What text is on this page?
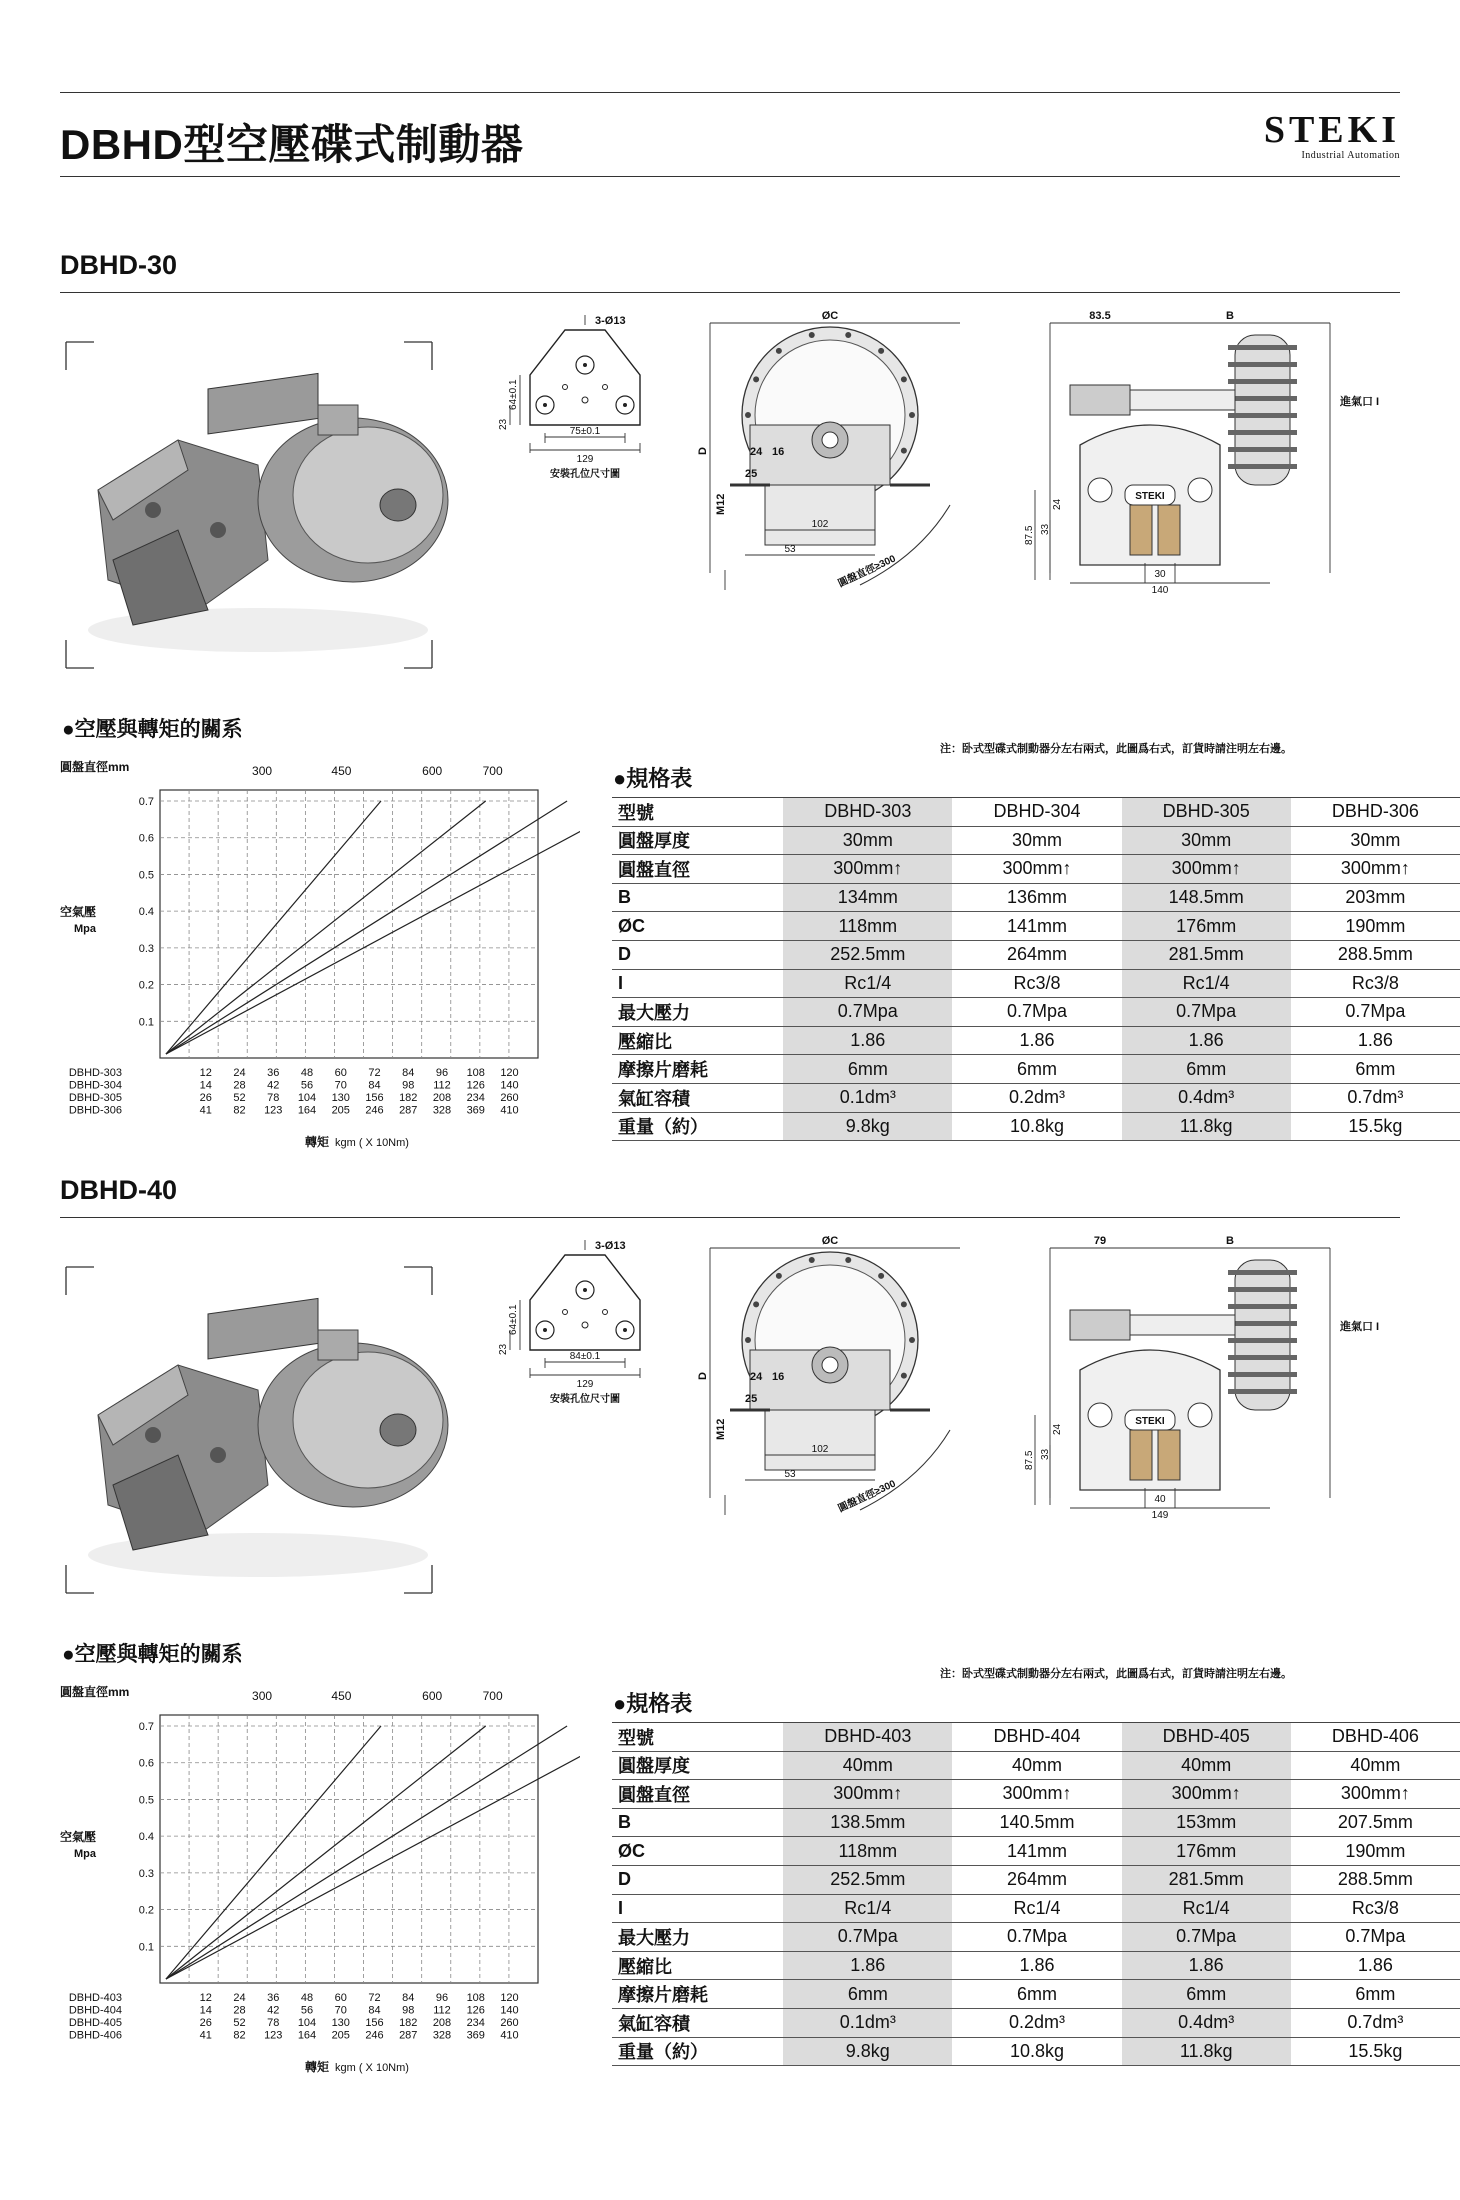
DBHD型空壓碟式制動器	STEKI
Industrial Automation
DBHD-30
3-Ø13
64±0.1
23
75±0.1
129
安裝孔位尺寸圖
ØC
D
M12
24 16
25
102
53
圓盤直徑≥300
83.5	B
進氣口 I
STEKI
24
33
87.5
30
140
注：卧式型碟式制動器分左右兩式，此圖爲右式，訂貨時請注明左右邊。
●空壓與轉矩的關系
圓盤直徑mm	300	450	600	700
0.1
0.2
0.3
0.4
0.5
0.6
0.7
空氣壓
Mpa
DBHD-303	12 24 36 48 60 72 84 96 108 120
DBHD-304	14 28 42 56 70 84 98 112 126 140
DBHD-305	26 52 78 104 130 156 182 208 234 260
DBHD-306	41 82 123 164 205 246 287 328 369 410
轉矩 kgm ( X 10Nm)
●規格表
型號	DBHD-303	DBHD-304	DBHD-305	DBHD-306
圓盤厚度	30mm	30mm	30mm	30mm
圓盤直徑	300mm↑	300mm↑	300mm↑	300mm↑
B	134mm	136mm	148.5mm	203mm
ØC	118mm	141mm	176mm	190mm
D	252.5mm	264mm	281.5mm	288.5mm
I	Rc1/4	Rc3/8	Rc1/4	Rc3/8
最大壓力	0.7Mpa	0.7Mpa	0.7Mpa	0.7Mpa
壓縮比	1.86	1.86	1.86	1.86
摩擦片磨耗	6mm	6mm	6mm	6mm
氣缸容積	0.1dm³	0.2dm³	0.4dm³	0.7dm³
重量（約）	9.8kg	10.8kg	11.8kg	15.5kg
DBHD-40
3-Ø13
64±0.1
23
84±0.1
129
安裝孔位尺寸圖
ØC
D
M12
24 16
25
102
53
圓盤直徑≥300
79	B
進氣口 I
STEKI
24
33
87.5
40
149
注：卧式型碟式制動器分左右兩式，此圖爲右式，訂貨時請注明左右邊。
●空壓與轉矩的關系
圓盤直徑mm	300	450	600	700
0.1
0.2
0.3
0.4
0.5
0.6
0.7
空氣壓
Mpa
DBHD-403	12 24 36 48 60 72 84 96 108 120
DBHD-404	14 28 42 56 70 84 98 112 126 140
DBHD-405	26 52 78 104 130 156 182 208 234 260
DBHD-406	41 82 123 164 205 246 287 328 369 410
轉矩 kgm ( X 10Nm)
●規格表
型號	DBHD-403	DBHD-404	DBHD-405	DBHD-406
圓盤厚度	40mm	40mm	40mm	40mm
圓盤直徑	300mm↑	300mm↑	300mm↑	300mm↑
B	138.5mm	140.5mm	153mm	207.5mm
ØC	118mm	141mm	176mm	190mm
D	252.5mm	264mm	281.5mm	288.5mm
I	Rc1/4	Rc1/4	Rc1/4	Rc3/8
最大壓力	0.7Mpa	0.7Mpa	0.7Mpa	0.7Mpa
壓縮比	1.86	1.86	1.86	1.86
摩擦片磨耗	6mm	6mm	6mm	6mm
氣缸容積	0.1dm³	0.2dm³	0.4dm³	0.7dm³
重量（約）	9.8kg	10.8kg	11.8kg	15.5kg
